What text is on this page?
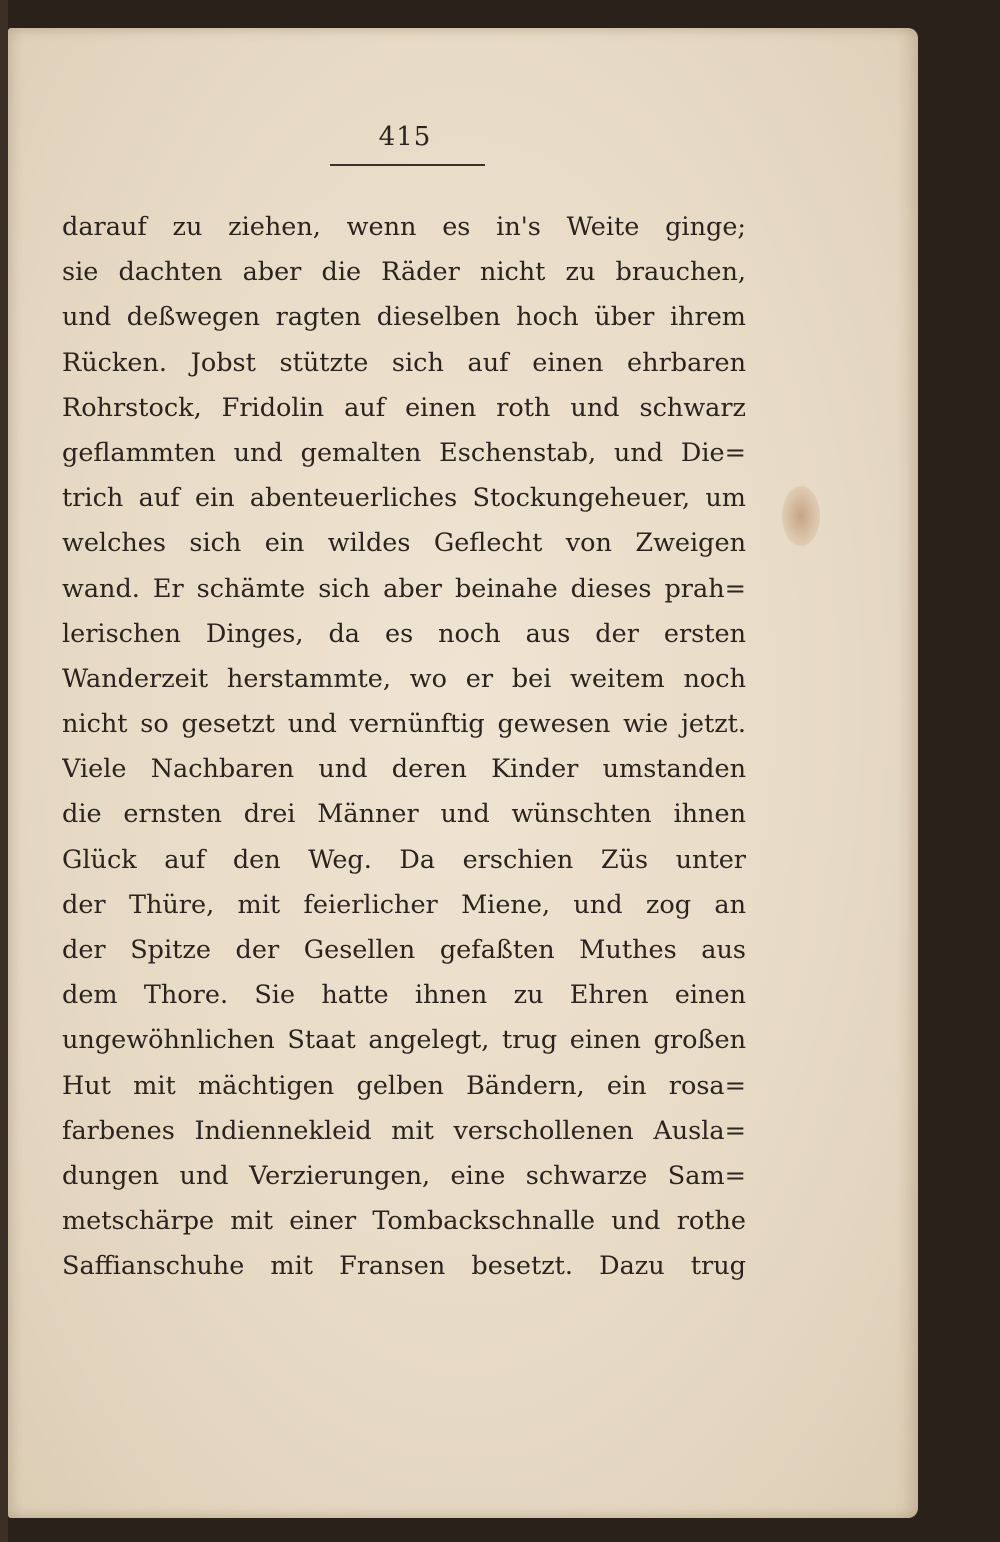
415
darauf zu ziehen, wenn es in's Weite ginge;
sie dachten aber die Räder nicht zu brauchen,
und deßwegen ragten dieselben hoch über ihrem
Rücken. Jobst stützte sich auf einen ehrbaren
Rohrstock, Fridolin auf einen roth und schwarz
geflammten und gemalten Eschenstab, und Die=
trich auf ein abenteuerliches Stockungeheuer, um
welches sich ein wildes Geflecht von Zweigen
wand. Er schämte sich aber beinahe dieses prah=
lerischen Dinges, da es noch aus der ersten
Wanderzeit herstammte, wo er bei weitem noch
nicht so gesetzt und vernünftig gewesen wie jetzt.
Viele Nachbaren und deren Kinder umstanden
die ernsten drei Männer und wünschten ihnen
Glück auf den Weg. Da erschien Züs unter
der Thüre, mit feierlicher Miene, und zog an
der Spitze der Gesellen gefaßten Muthes aus
dem Thore. Sie hatte ihnen zu Ehren einen
ungewöhnlichen Staat angelegt, trug einen großen
Hut mit mächtigen gelben Bändern, ein rosa=
farbenes Indiennekleid mit verschollenen Ausla=
dungen und Verzierungen, eine schwarze Sam=
metschärpe mit einer Tombackschnalle und rothe
Saffianschuhe mit Fransen besetzt. Dazu trug
